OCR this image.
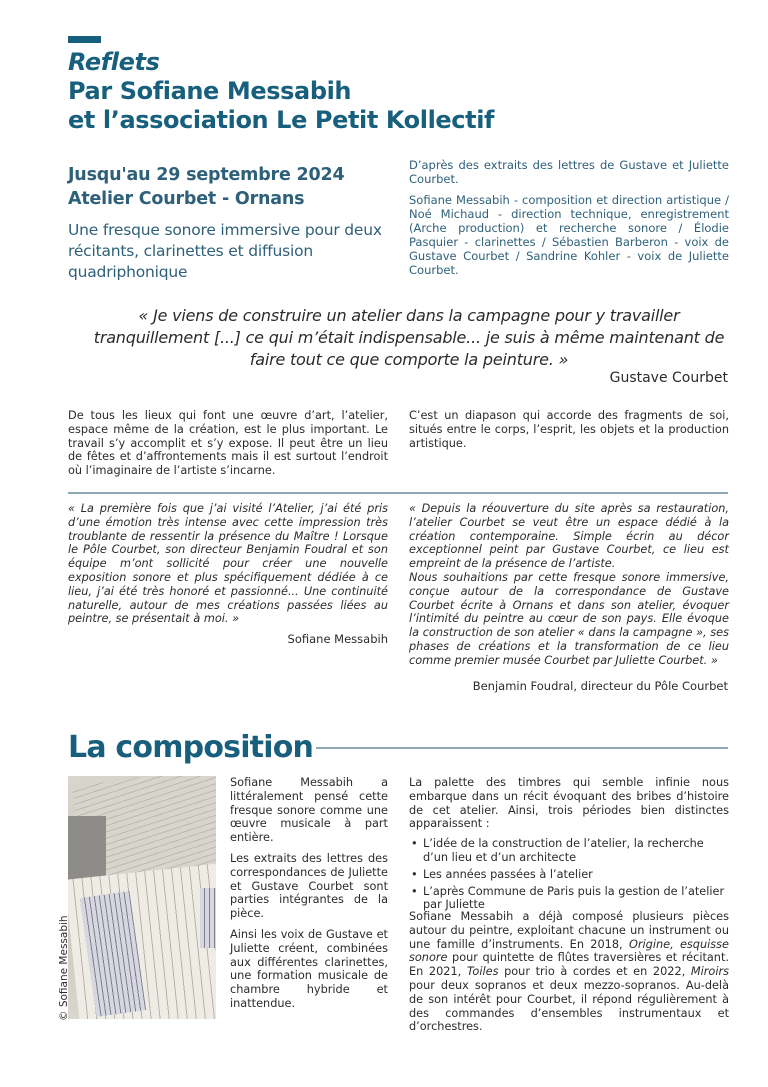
Reflets
Par Sofiane Messabih
et l’association Le Petit Kollectif
Jusqu'au 29 septembre 2024
Atelier Courbet - Ornans
Une fresque sonore immersive pour deux récitants, clarinettes et diffusion quadriphonique

D’après des extraits des lettres de Gustave et Juliette Courbet.

Sofiane Messabih - composition et direction artistique / Noé Michaud - direction technique, enregistrement (Arche production) et recherche sonore / Élodie Pasquier - clarinettes / Sébastien Barberon - voix de Gustave Courbet / Sandrine Kohler - voix de Juliette Courbet.

« Je viens de construire un atelier dans la campagne pour y travailler tranquillement [...] ce qui m’était indispensable... je suis à même maintenant de faire tout ce que comporte la peinture. »
Gustave Courbet
De tous les lieux qui font une œuvre d’art, l’atelier, espace même de la création, est le plus important. Le travail s’y accomplit et s’y expose. Il peut être un lieu de fêtes et d’affrontements mais il est surtout l’endroit où l’imaginaire de l’artiste s’incarne.
C’est un diapason qui accorde des fragments de soi, situés entre le corps, l’esprit, les objets et la production artistique.
« La première fois que j’ai visité l’Atelier, j’ai été pris d’une émotion très intense avec cette impression très troublante de ressentir la présence du Maître ! Lorsque le Pôle Courbet, son directeur Benjamin Foudral et son équipe m’ont sollicité pour créer une nouvelle exposition sonore et plus spécifiquement dédiée à ce lieu, j’ai été très honoré et passionné... Une continuité naturelle, autour de mes créations passées liées au peintre, se présentait à moi. »
Sofiane Messabih

« Depuis la réouverture du site après sa restauration, l’atelier Courbet se veut être un espace dédié à la création contemporaine. Simple écrin au décor exceptionnel peint par Gustave Courbet, ce lieu est empreint de la présence de l’artiste.

Nous souhaitions par cette fresque sonore immersive, conçue autour de la correspondance de Gustave Courbet écrite à Ornans et dans son atelier, évoquer l’intimité du peintre au cœur de son pays. Elle évoque la construction de son atelier « dans la campagne », ses phases de créations et la transformation de ce lieu comme premier musée Courbet par Juliette Courbet. »

Benjamin Foudral, directeur du Pôle Courbet
La composition
© Sofiane Messabih

Sofiane Messabih a littéralement pensé cette fresque sonore comme une œuvre musicale à part entière.

Les extraits des lettres des correspondances de Juliette et Gustave Courbet sont parties intégrantes de la pièce.

Ainsi les voix de Gustave et Juliette créent, combinées aux différentes clarinettes, une formation musicale de chambre hybride et inattendue.

La palette des timbres qui semble infinie nous embarque dans un récit évoquant des bribes d’histoire de cet atelier. Ainsi, trois périodes bien distinctes apparaissent :

• L’idée de la construction de l’atelier, la recherche d’un lieu et d’un architecte
• Les années passées à l’atelier
• L’après Commune de Paris puis la gestion de l’atelier par Juliette
Sofiane Messabih a déjà composé plusieurs pièces autour du peintre, exploitant chacune un instrument ou une famille d’instruments. En 2018, Origine, esquisse sonore pour quintette de flûtes traversières et récitant. En 2021, Toiles pour trio à cordes et en 2022, Miroirs pour deux sopranos et deux mezzo-sopranos. Au-delà de son intérêt pour Courbet, il répond régulièrement à des commandes d’ensembles instrumentaux et d’orchestres.
